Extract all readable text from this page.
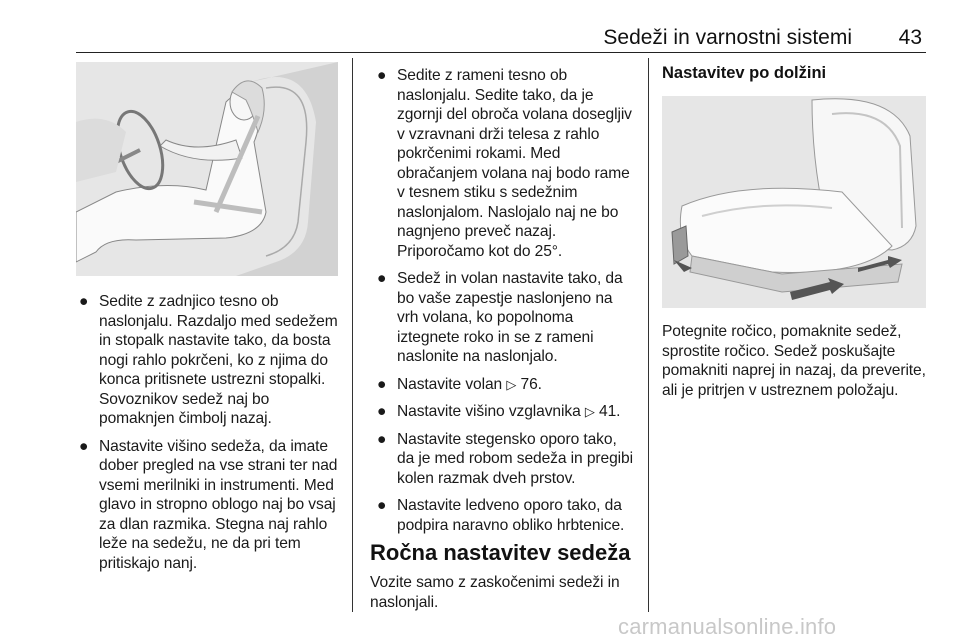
Sedeži in varnostni sistemi 43
● Sedite z zadnjico tesno ob naslonjalu. Razdaljo med sedežem in stopalk nastavite tako, da bosta nogi rahlo pokrčeni, ko z njima do konca pritisnete ustrezni stopalki. Sovoznikov sedež naj bo pomaknjen čimbolj nazaj.
● Nastavite višino sedeža, da imate dober pregled na vse strani ter nad vsemi merilniki in instrumenti. Med glavo in stropno oblogo naj bo vsaj za dlan razmika. Stegna naj rahlo leže na sedežu, ne da pri tem pritiskajo nanj.
● Sedite z rameni tesno ob naslonjalu. Sedite tako, da je zgornji del obroča volana dosegljiv v vzravnani drži telesa z rahlo pokrčenimi rokami. Med obračanjem volana naj bodo rame v tesnem stiku s sedežnim naslonjalom. Naslojalo naj ne bo nagnjeno preveč nazaj. Priporočamo kot do 25°.
● Sedež in volan nastavite tako, da bo vaše zapestje naslonjeno na vrh volana, ko popolnoma iztegnete roko in se z rameni naslonite na naslonjalo.
● Nastavite volan ▷ 76.
● Nastavite višino vzglavnika ▷ 41.
● Nastavite stegensko oporo tako, da je med robom sedeža in pregibi kolen razmak dveh prstov.
● Nastavite ledveno oporo tako, da podpira naravno obliko hrbtenice.
Ročna nastavitev sedeža
Vozite samo z zaskočenimi sedeži in naslonjali.
Nastavitev po dolžini
Potegnite ročico, pomaknite sedež, sprostite ročico. Sedež poskušajte pomakniti naprej in nazaj, da preverite, ali je pritrjen v ustreznem položaju.
carmanualsonline.info
